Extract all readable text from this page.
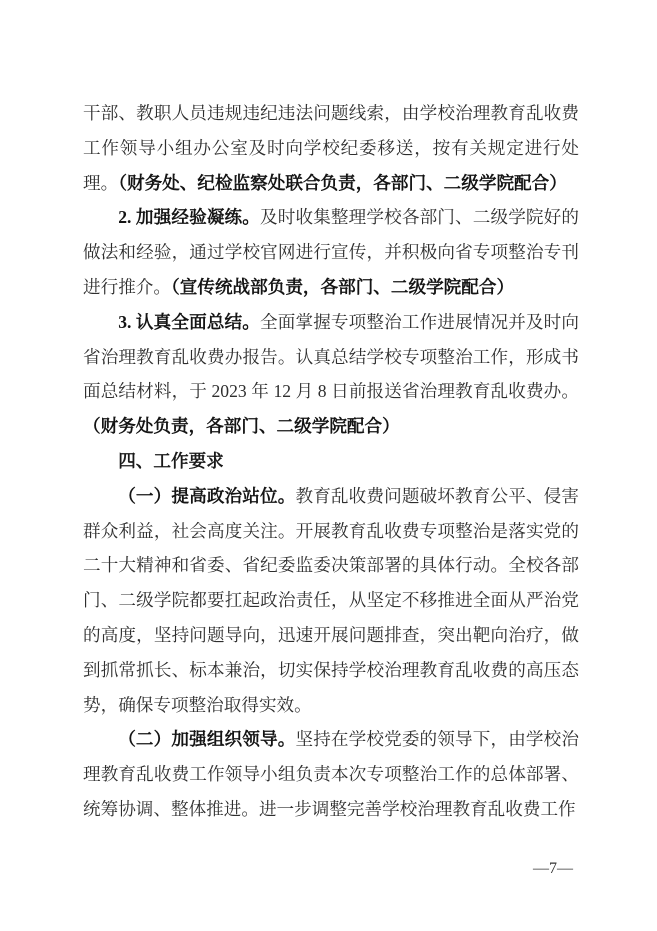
干部、教职人员违规违纪违法问题线索，由学校治理教育乱收费工作领导小组办公室及时向学校纪委移送，按有关规定进行处理。（财务处、纪检监察处联合负责，各部门、二级学院配合）

2. 加强经验凝练。及时收集整理学校各部门、二级学院好的做法和经验，通过学校官网进行宣传，并积极向省专项整治专刊进行推介。（宣传统战部负责，各部门、二级学院配合）

3. 认真全面总结。全面掌握专项整治工作进展情况并及时向省治理教育乱收费办报告。认真总结学校专项整治工作，形成书面总结材料，于 2023 年 12 月 8 日前报送省治理教育乱收费办。（财务处负责，各部门、二级学院配合）

四、工作要求

（一）提高政治站位。教育乱收费问题破坏教育公平、侵害群众利益，社会高度关注。开展教育乱收费专项整治是落实党的二十大精神和省委、省纪委监委决策部署的具体行动。全校各部门、二级学院都要扛起政治责任，从坚定不移推进全面从严治党的高度，坚持问题导向，迅速开展问题排查，突出靶向治疗，做到抓常抓长、标本兼治，切实保持学校治理教育乱收费的高压态势，确保专项整治取得实效。

（二）加强组织领导。坚持在学校党委的领导下，由学校治理教育乱收费工作领导小组负责本次专项整治工作的总体部署、统筹协调、整体推进。进一步调整完善学校治理教育乱收费工作

—7—
